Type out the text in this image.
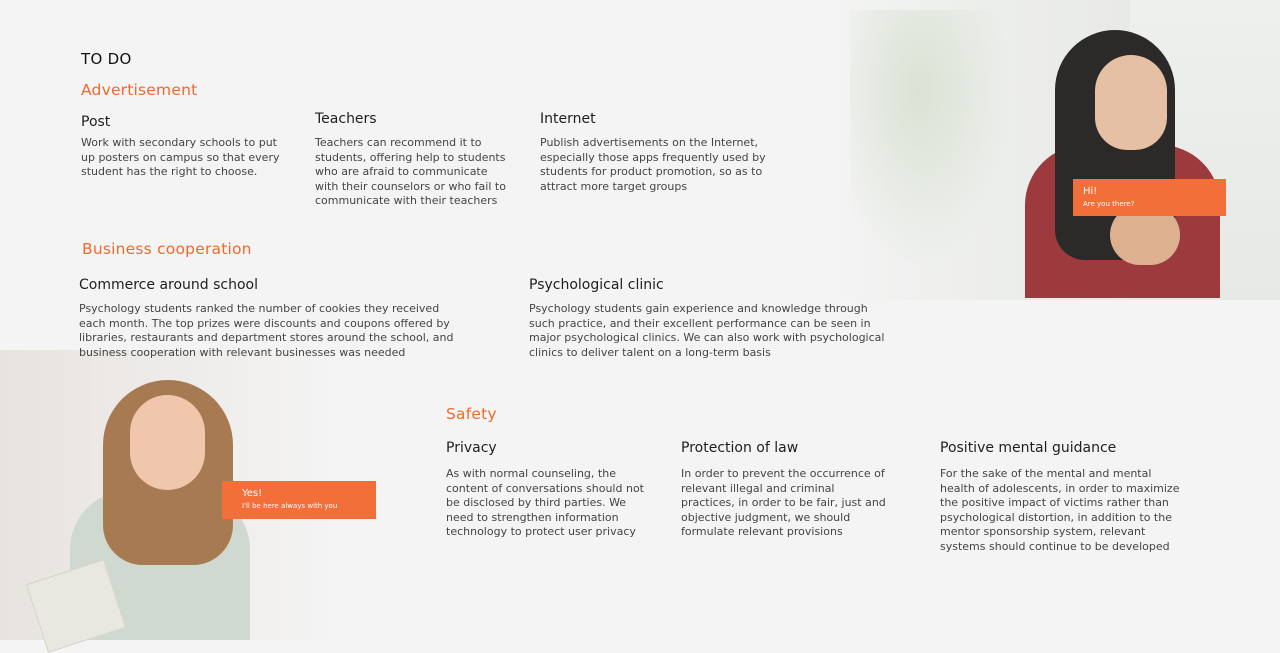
TO DO
Advertisement
Post
Work with secondary schools to put up posters on campus so that every student has the right to choose.
Teachers
Teachers can recommend it to students, offering help to students who are afraid to communicate with their counselors or who fail to communicate with their teachers
Internet
Publish advertisements on the Internet, especially those apps frequently used by students for product promotion, so as to attract more target groups
Business cooperation
Commerce around school
Psychology students ranked the number of cookies they received each month. The top prizes were discounts and coupons offered by libraries, restaurants and department stores around the school, and business cooperation with relevant businesses was needed
Psychological clinic
Psychology students gain experience and knowledge through such practice, and their excellent performance can be seen in major psychological clinics. We can also work with psychological clinics to deliver talent on a long-term basis
Safety
Privacy
As with normal counseling, the content of conversations should not be disclosed by third parties. We need to strengthen information technology to protect user privacy
Protection of law
In order to prevent the occurrence of relevant illegal and criminal practices, in order to be fair, just and objective judgment, we should formulate relevant provisions
Positive mental guidance
For the sake of the mental and mental health of adolescents, in order to maximize the positive impact of victims rather than psychological distortion, in addition to the mentor sponsorship system, relevant systems should continue to be developed
Hi!
Are you there?
Yes!
I'll be here always with you
